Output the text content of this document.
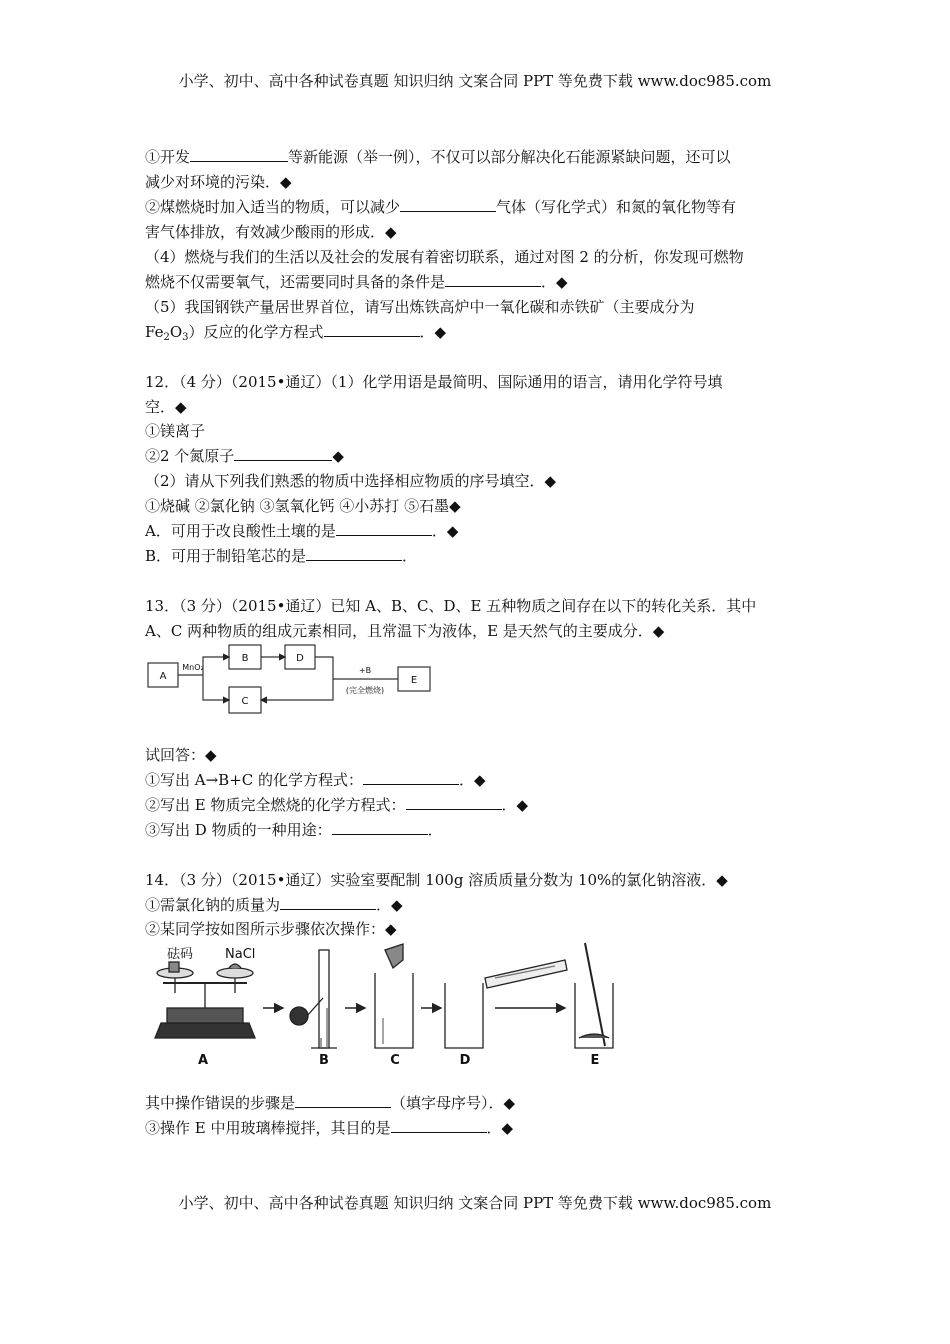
小学、初中、高中各种试卷真题 知识归纳 文案合同 PPT 等免费下载 www.doc985.com
①开发	等新能源（举一例），不仅可以部分解决化石能源紧缺问题，还可以
减少对环境的污染．◆
②煤燃烧时加入适当的物质，可以减少	气体（写化学式）和氮的氧化物等有
害气体排放，有效减少酸雨的形成．◆
（4）燃烧与我们的生活以及社会的发展有着密切联系，通过对图 2 的分析，你发现可燃物
燃烧不仅需要氧气，还需要同时具备的条件是	．◆
（5）我国钢铁产量居世界首位，请写出炼铁高炉中一氧化碳和赤铁矿（主要成分为
$Fe_2O_3$）反应的化学方程式	．◆
12．（4 分）（2015•通辽）（1）化学用语是最简明、国际通用的语言，请用化学符号填
空．◆
①镁离子
②2 个氮原子	◆
（2）请从下列我们熟悉的物质中选择相应物质的序号填空．◆
①烧碱 ②氯化钠 ③氢氧化钙 ④小苏打 ⑤石墨◆
A．可用于改良酸性土壤的是	．◆
B．可用于制铅笔芯的是	．
13．（3 分）（2015•通辽）已知 A、B、C、D、E 五种物质之间存在以下的转化关系．其中
A、C 两种物质的组成元素相同，且常温下为液体，E 是天然气的主要成分．◆
A
B	D
C
E
MnO₂	+B
(完全燃烧)
试回答：◆
①写出 A→B+C 的化学方程式：	．◆
②写出 E 物质完全燃烧的化学方程式：	．◆
③写出 D 物质的一种用途：	．
14．（3 分）（2015•通辽）实验室要配制 100g 溶质质量分数为 10%的氯化钠溶液．◆
①需氯化钠的质量为	．◆
②某同学按如图所示步骤依次操作：◆
砝码 NaCl
A	B	C	D	E
其中操作错误的步骤是	（填字母序号）．◆
③操作 E 中用玻璃棒搅拌，其目的是	．◆
小学、初中、高中各种试卷真题 知识归纳 文案合同 PPT 等免费下载 www.doc985.com
